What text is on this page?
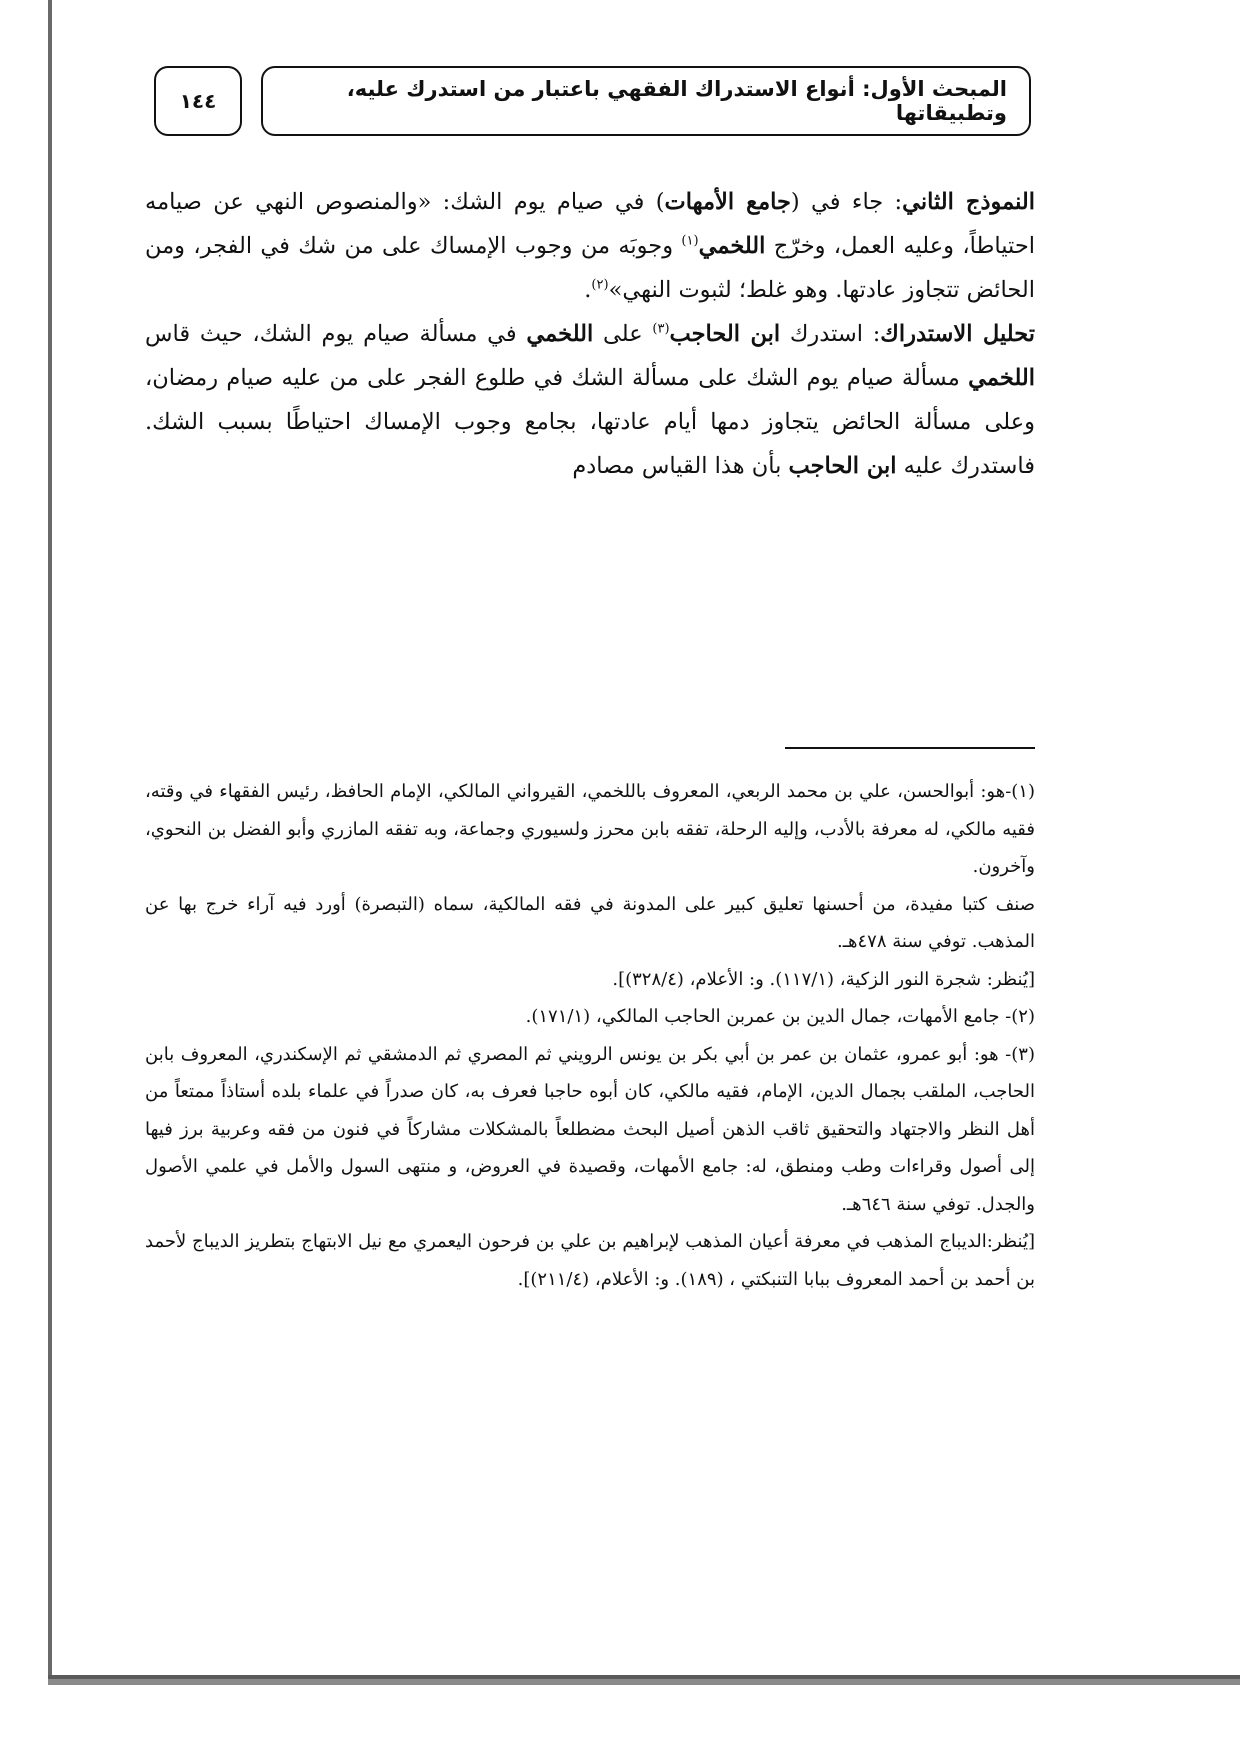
المبحث الأول: أنواع الاستدراك الفقهي باعتبار من استدرك عليه، وتطبيقاتها
١٤٤

النموذج الثاني: جاء في (جامع الأمهات) في صيام يوم الشك: «والمنصوص النهي عن صيامه احتياطاً، وعليه العمل، وخرّج اللخمي$^{(١)}$ وجوبَه من وجوب الإمساك على من شك في الفجر، ومن الحائض تتجاوز عادتها. وهو غلط؛ لثبوت النهي»$^{(٢)}$.

تحليل الاستدراك: استدرك ابن الحاجب$^{(٣)}$ على اللخمي في مسألة صيام يوم الشك، حيث قاس اللخمي مسألة صيام يوم الشك على مسألة الشك في طلوع الفجر على من عليه صيام رمضان، وعلى مسألة الحائض يتجاوز دمها أيام عادتها، بجامع وجوب الإمساك احتياطًا بسبب الشك. فاستدرك عليه ابن الحاجب بأن هذا القياس مصادم

(١)-هو: أبوالحسن، علي بن محمد الربعي، المعروف باللخمي، القيرواني المالكي، الإمام الحافظ، رئيس الفقهاء في وقته، فقيه مالكي، له معرفة بالأدب، وإليه الرحلة، تفقه بابن محرز ولسيوري وجماعة، وبه تفقه المازري وأبو الفضل بن النحوي، وآخرون.

صنف كتبا مفيدة، من أحسنها تعليق كبير على المدونة في فقه المالكية، سماه (التبصرة) أورد فيه آراء خرج بها عن المذهب. توفي سنة ٤٧٨هـ.

[يُنظر: شجرة النور الزكية، (١١٧/١). و: الأعلام، (٣٢٨/٤)].

(٢)- جامع الأمهات، جمال الدين بن عمربن الحاجب المالكي، (١٧١/١).

(٣)- هو: أبو عمرو، عثمان بن عمر بن أبي بكر بن يونس الرويني ثم المصري ثم الدمشقي ثم الإسكندري، المعروف بابن الحاجب، الملقب بجمال الدين، الإمام، فقيه مالكي، كان أبوه حاجبا فعرف به، كان صدراً في علماء بلده أستاذاً ممتعاً من أهل النظر والاجتهاد والتحقيق ثاقب الذهن أصيل البحث مضطلعاً بالمشكلات مشاركاً في فنون من فقه وعربية برز فيها إلى أصول وقراءات وطب ومنطق، له: جامع الأمهات، وقصيدة في العروض، و منتهى السول والأمل في علمي الأصول والجدل. توفي سنة ٦٤٦هـ.

[يُنظر:الديباج المذهب في معرفة أعيان المذهب لإبراهيم بن علي بن فرحون اليعمري مع نيل الابتهاج بتطريز الديباج لأحمد بن أحمد بن أحمد المعروف ببابا التنبكتي ، (١٨٩). و: الأعلام، (٢١١/٤)].
